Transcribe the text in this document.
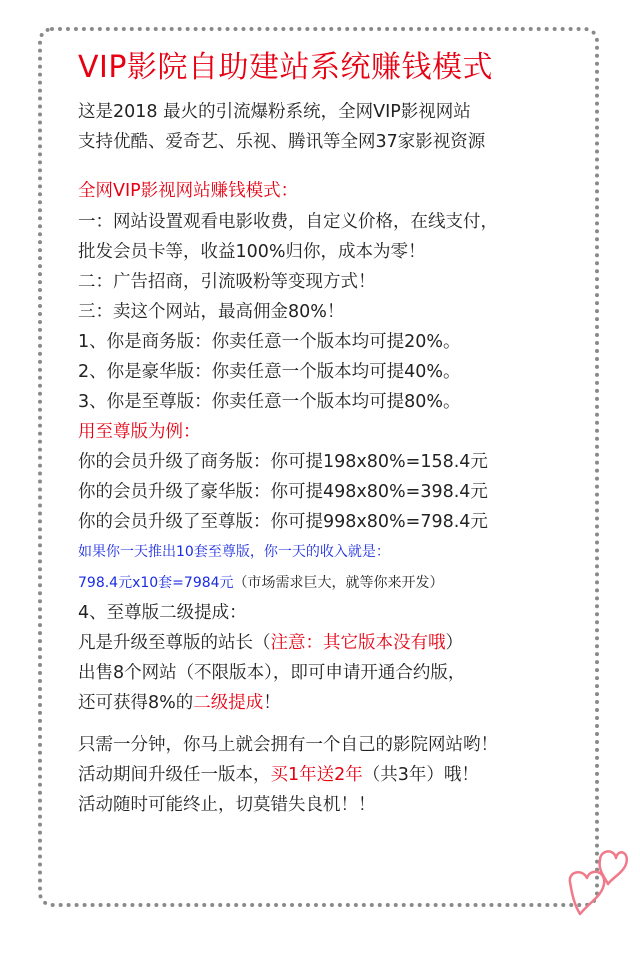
VIP影院自助建站系统赚钱模式
这是2018 最火的引流爆粉系统，全网VIP影视网站
支持优酷、爱奇艺、乐视、腾讯等全网37家影视资源
全网VIP影视网站赚钱模式：
一：网站设置观看电影收费，自定义价格，在线支付，
批发会员卡等，收益100%归你，成本为零！
二：广告招商，引流吸粉等变现方式！
三：卖这个网站，最高佣金80%！
1、你是商务版：你卖任意一个版本均可提20%。
2、你是豪华版：你卖任意一个版本均可提40%。
3、你是至尊版：你卖任意一个版本均可提80%。
用至尊版为例：
你的会员升级了商务版：你可提198x80%=158.4元
你的会员升级了豪华版：你可提498x80%=398.4元
你的会员升级了至尊版：你可提998x80%=798.4元
如果你一天推出10套至尊版，你一天的收入就是：
798.4元x10套=7984元（市场需求巨大，就等你来开发）
4、至尊版二级提成：
凡是升级至尊版的站长（注意：其它版本没有哦）
出售8个网站（不限版本），即可申请开通合约版，
还可获得8%的二级提成！
只需一分钟，你马上就会拥有一个自己的影院网站哟！
活动期间升级任一版本，买1年送2年（共3年）哦！
活动随时可能终止，切莫错失良机！！
